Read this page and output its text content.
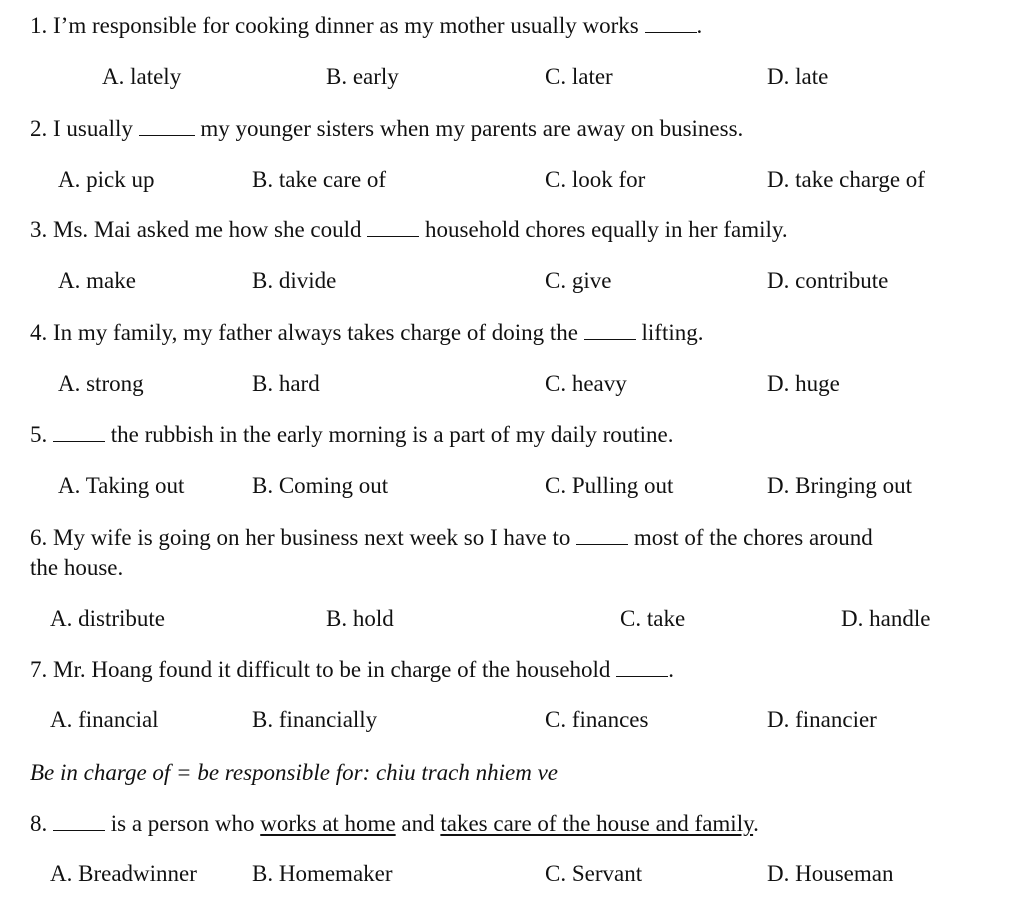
1. I’m responsible for cooking dinner as my mother usually works	.
A. lately	B. early	C. later	D. late
2. I usually	my younger sisters when my parents are away on business.
A. pick up	B. take care of	C. look for	D. take charge of
3. Ms. Mai asked me how she could	household chores equally in her family.
A. make	B. divide	C. give	D. contribute
4. In my family, my father always takes charge of doing the	lifting.
A. strong	B. hard	C. heavy	D. huge
5.	the rubbish in the early morning is a part of my daily routine.
A. Taking out	B. Coming out	C. Pulling out	D. Bringing out
6. My wife is going on her business next week so I have to	most of the chores around
the house.
A. distribute	B. hold	C. take	D. handle
7. Mr. Hoang found it difficult to be in charge of the household	.
A. financial	B. financially	C. finances	D. financier
Be in charge of = be responsible for: chiu trach nhiem ve
8.	is a person who works at home and takes care of the house and family.
A. Breadwinner B. Homemaker	C. Servant	D. Houseman
